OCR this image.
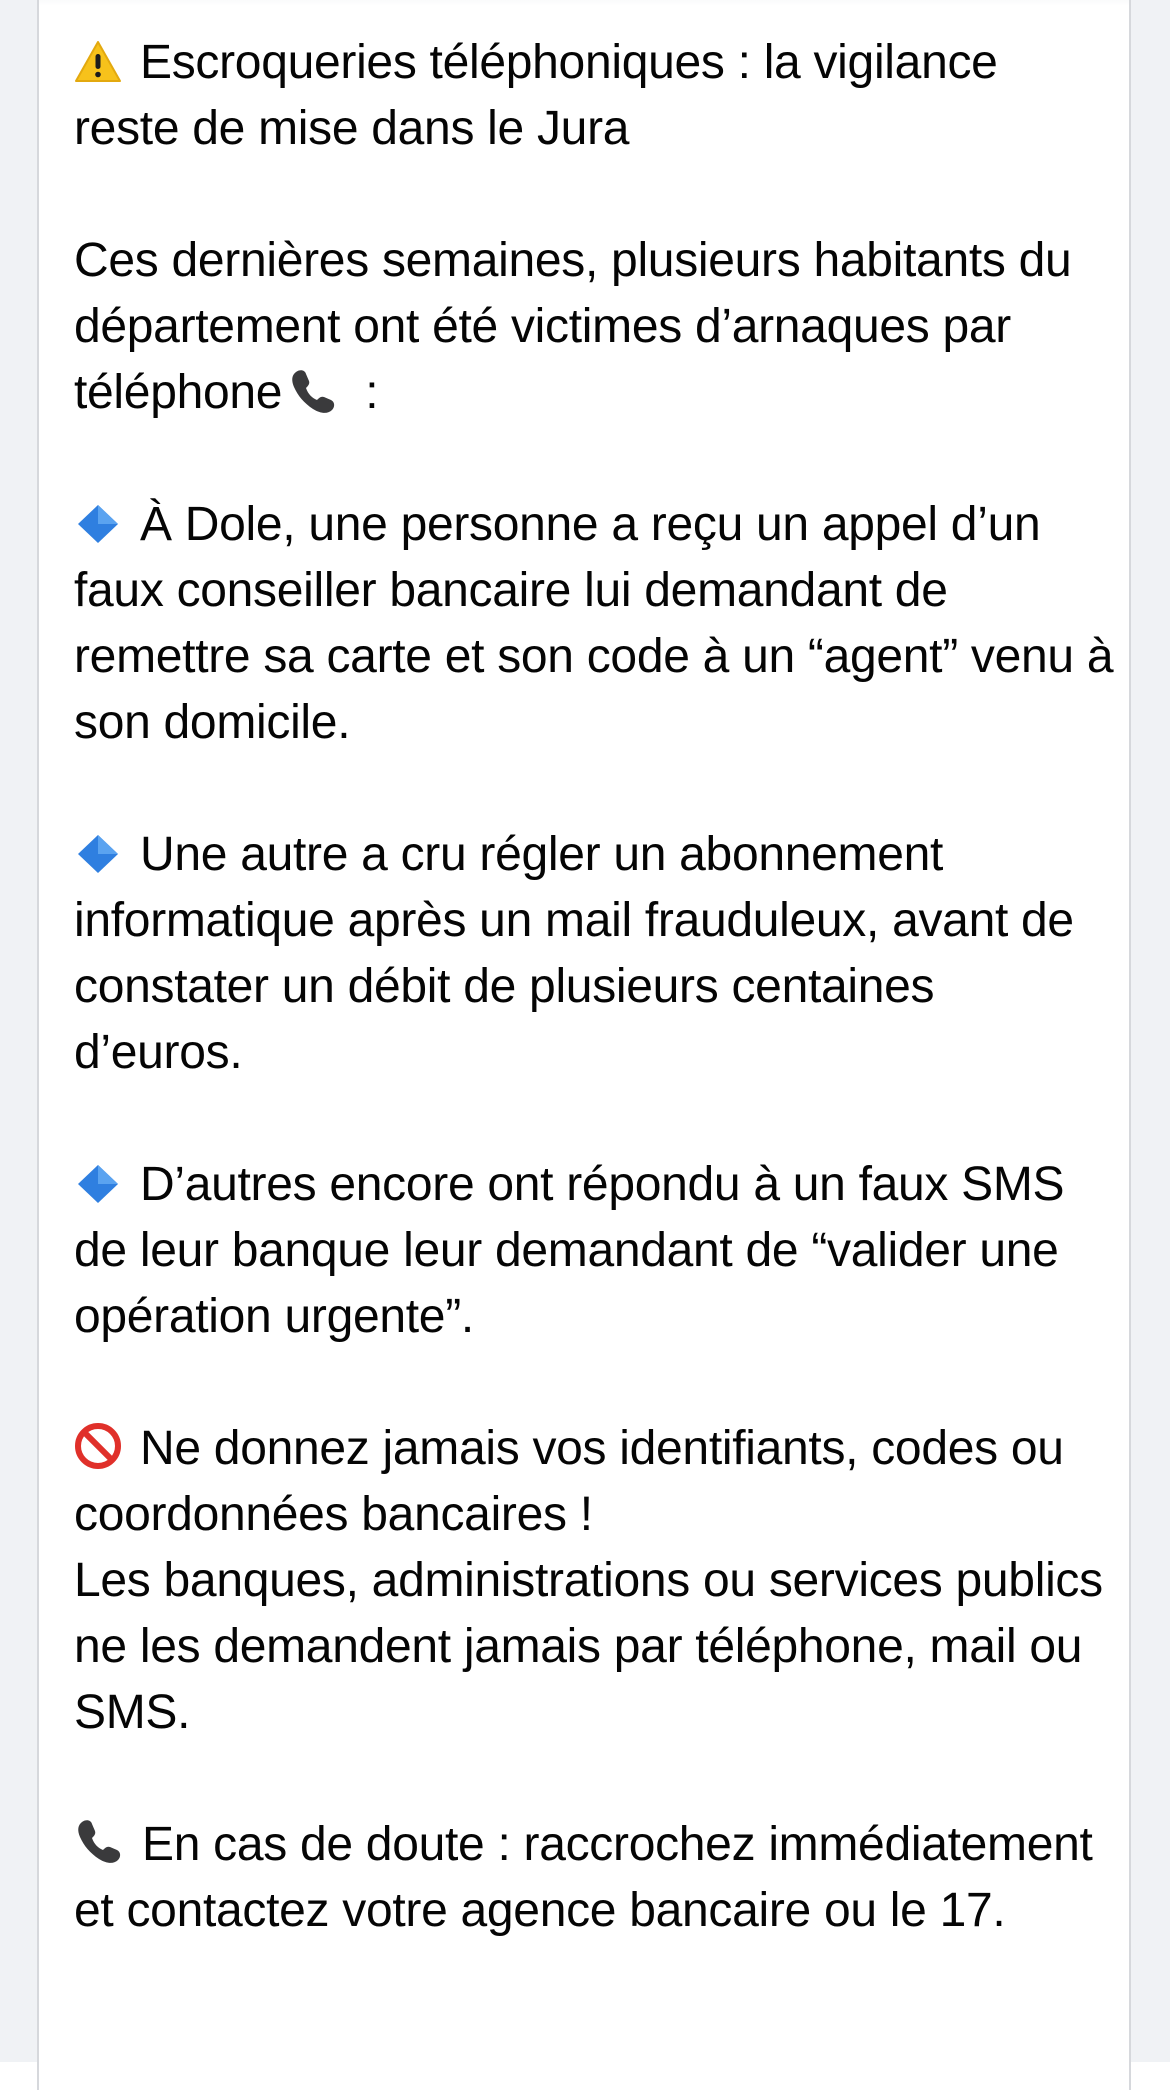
Escroqueries téléphoniques : la vigilance reste de mise dans le Jura

Ces dernières semaines, plusieurs habitants du département ont été victimes d’arnaques par téléphone
:

À Dole, une personne a reçu un appel d’un faux conseiller bancaire lui demandant de remettre sa carte et son code à un “agent” venu à son domicile.

Une autre a cru régler un abonnement informatique après un mail frauduleux, avant de constater un débit de plusieurs centaines d’euros.

D’autres encore ont répondu à un faux SMS de leur banque leur demandant de “valider une opération urgente”.

Ne donnez jamais vos identifiants, codes ou coordonnées bancaires !
Les banques, administrations ou services publics ne les demandent jamais par téléphone, mail ou SMS.

En cas de doute : raccrochez immédiatement et contactez votre agence bancaire ou le 17.
